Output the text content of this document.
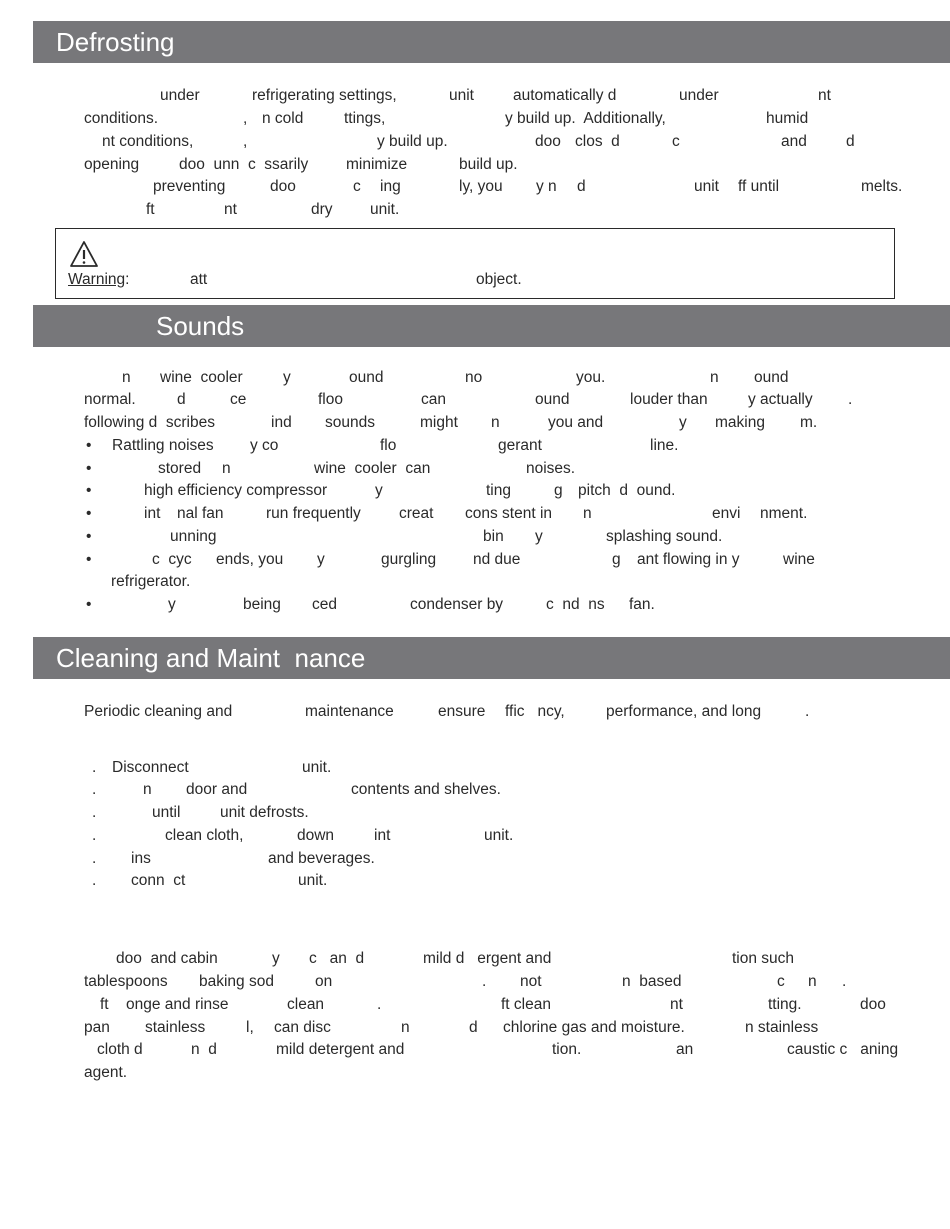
Defrosting
under	refrigerating settings,	unit	automatically d	under	nt
conditions.	, n cold	ttings,	y build up.  Additionally,	humid
nt conditions,	,	y build up.	doo clos  d	c	and	d
opening	doo  unn  c  ssarily minimize	build up.
preventing	doo	c ing	ly, you y n d	unit ff until	melts.
ft	nt	dry unit.
Warning:	att	object.
Sounds
n wine  cooler	y	ound	no	you.	n ound
normal.	d	ce	floo	can	ound	louder than	y actually .
following d  scribes	ind sounds	might n	you and	y making m.
• Rattling noises y co	flo	gerant	line.
•	stored n	wine  cooler  can	noises.
•	high efficiency compressor	y	ting	g pitch  d  ound.
•	int nal fan	run frequently creat cons stent in n	envi nment.
•	unning	bin y	splashing sound.
•	c  cyc ends, you y	gurgling nd due	g ant flowing in y	wine
refrigerator.
•	y	being ced	condenser by	c  nd  ns fan.
Cleaning and Maint  nance
Periodic cleaning and	maintenance	ensure ffic   ncy,	performance, and long	.
. Disconnect	unit.
.	n door and	contents and shelves.
.	until	unit defrosts.
.	clean cloth,	down	int	unit.
. ins	and beverages.
. conn  ct	unit.
doo  and cabin	y c   an  d	mild d   ergent and	tion such
tablespoons baking sod	on	. not	n  based	c n .
ft onge and rinse	clean	.	ft clean	nt	tting.	doo
pan stainless	l, can disc	n	d chlorine gas and moisture.	n stainless
cloth d	n  d	mild detergent and	tion.	an	caustic c   aning
agent.
